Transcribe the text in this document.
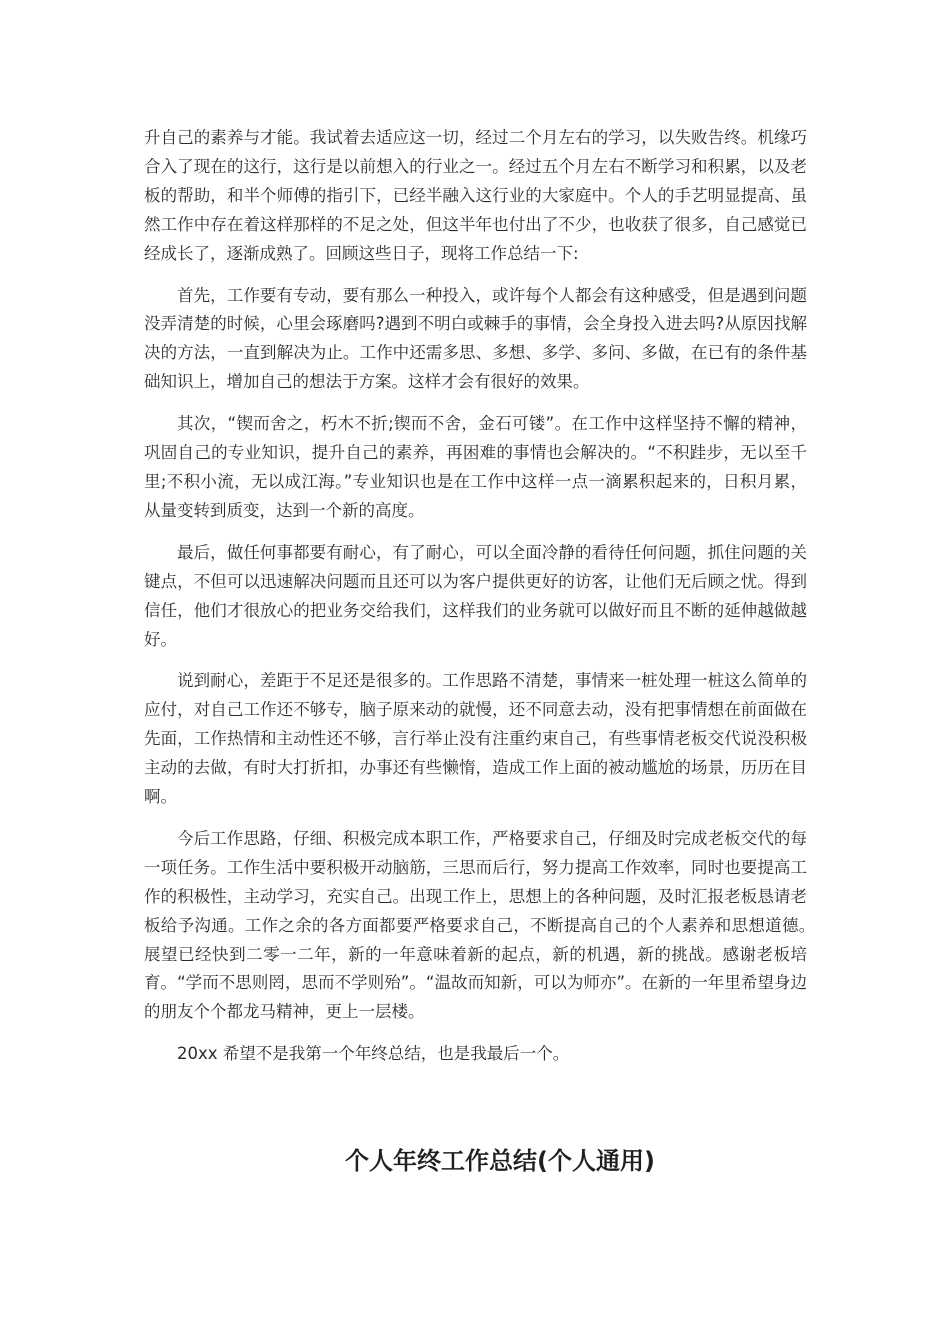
升自己的素养与才能。我试着去适应这一切，经过二个月左右的学习，以失败告终。机缘巧合入了现在的这行，这行是以前想入的行业之一。经过五个月左右不断学习和积累，以及老板的帮助，和半个师傅的指引下，已经半融入这行业的大家庭中。个人的手艺明显提高、虽然工作中存在着这样那样的不足之处，但这半年也付出了不少，也收获了很多，自己感觉已经成长了，逐渐成熟了。回顾这些日子，现将工作总结一下:

首先，工作要有专动，要有那么一种投入，或许每个人都会有这种感受，但是遇到问题没弄清楚的时候，心里会琢磨吗?遇到不明白或棘手的事情，会全身投入进去吗?从原因找解决的方法，一直到解决为止。工作中还需多思、多想、多学、多问、多做，在已有的条件基础知识上，增加自己的想法于方案。这样才会有很好的效果。

其次，“锲而舍之，朽木不折;锲而不舍，金石可镂”。在工作中这样坚持不懈的精神，巩固自己的专业知识，提升自己的素养，再困难的事情也会解决的。“不积跬步，无以至千里;不积小流，无以成江海。”专业知识也是在工作中这样一点一滴累积起来的，日积月累，从量变转到质变，达到一个新的高度。

最后，做任何事都要有耐心，有了耐心，可以全面冷静的看待任何问题，抓住问题的关键点，不但可以迅速解决问题而且还可以为客户提供更好的访客，让他们无后顾之忧。得到信任，他们才很放心的把业务交给我们，这样我们的业务就可以做好而且不断的延伸越做越好。

说到耐心，差距于不足还是很多的。工作思路不清楚，事情来一桩处理一桩这么简单的应付，对自己工作还不够专，脑子原来动的就慢，还不同意去动，没有把事情想在前面做在先面，工作热情和主动性还不够，言行举止没有注重约束自己，有些事情老板交代说没积极主动的去做，有时大打折扣，办事还有些懒惰，造成工作上面的被动尴尬的场景，历历在目啊。

今后工作思路，仔细、积极完成本职工作，严格要求自己，仔细及时完成老板交代的每一项任务。工作生活中要积极开动脑筋，三思而后行，努力提高工作效率，同时也要提高工作的积极性，主动学习，充实自己。出现工作上，思想上的各种问题，及时汇报老板恳请老板给予沟通。工作之余的各方面都要严格要求自己，不断提高自己的个人素养和思想道德。　　展望已经快到二零一二年，新的一年意味着新的起点，新的机遇，新的挑战。感谢老板培育。“学而不思则罔，思而不学则殆”。“温故而知新，可以为师亦”。在新的一年里希望身边的朋友个个都龙马精神，更上一层楼。

20xx 希望不是我第一个年终总结，也是我最后一个。

个人年终工作总结(个人通用)
